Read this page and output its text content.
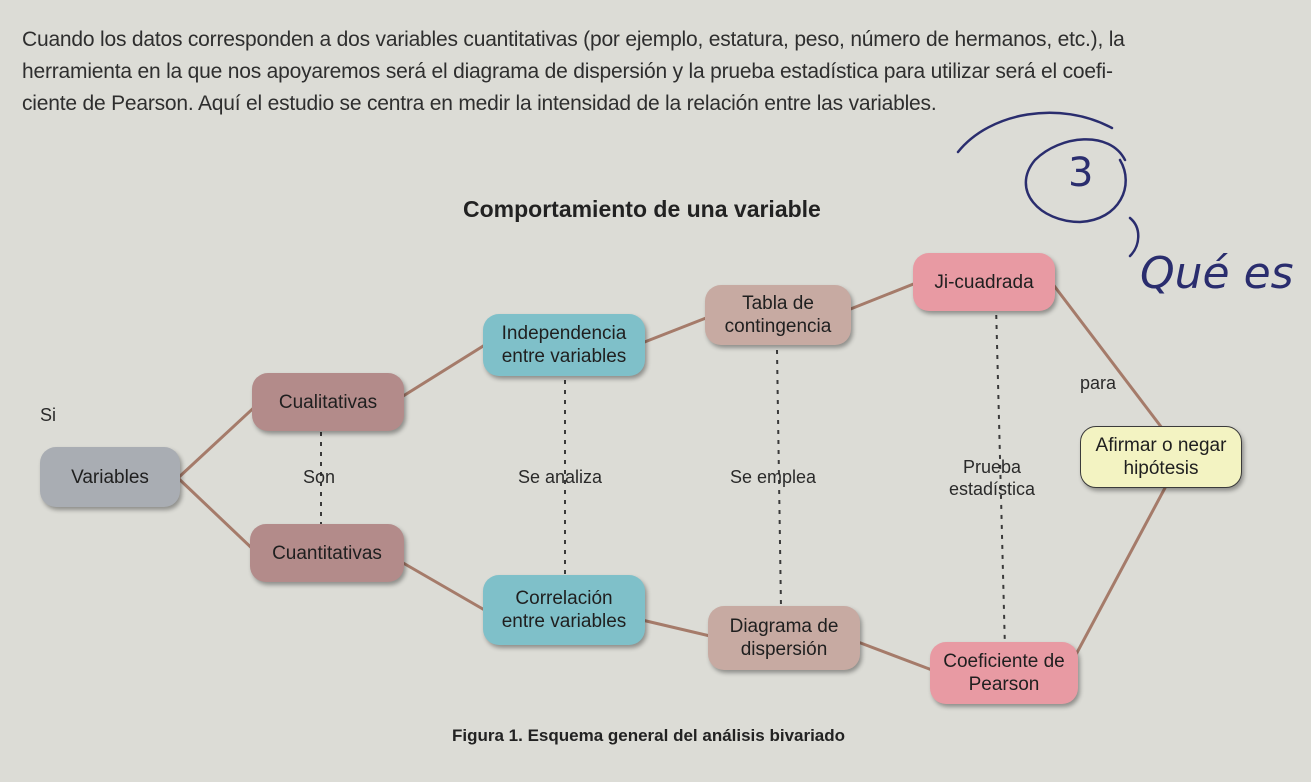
Cuando los datos corresponden a dos variables cuantitativas (por ejemplo, estatura, peso, número de hermanos, etc.), la
herramienta en la que nos apoyaremos será el diagrama de dispersión y la prueba estadística para utilizar será el coefi-
ciente de Pearson. Aquí el estudio se centra en medir la intensidad de la relación entre las variables.
Comportamiento de una variable
3
Qué es
Variables
Cualitativas
Cuantitativas
Independencia
entre variables
Correlación
entre variables
Tabla de
contingencia
Diagrama de
dispersión
Ji-cuadrada
Coeficiente de
Pearson
Afirmar o negar
hipótesis
Si
Son	Se analiza	Se emplea	Prueba
estadística
para
Figura 1. Esquema general del análisis bivariado
